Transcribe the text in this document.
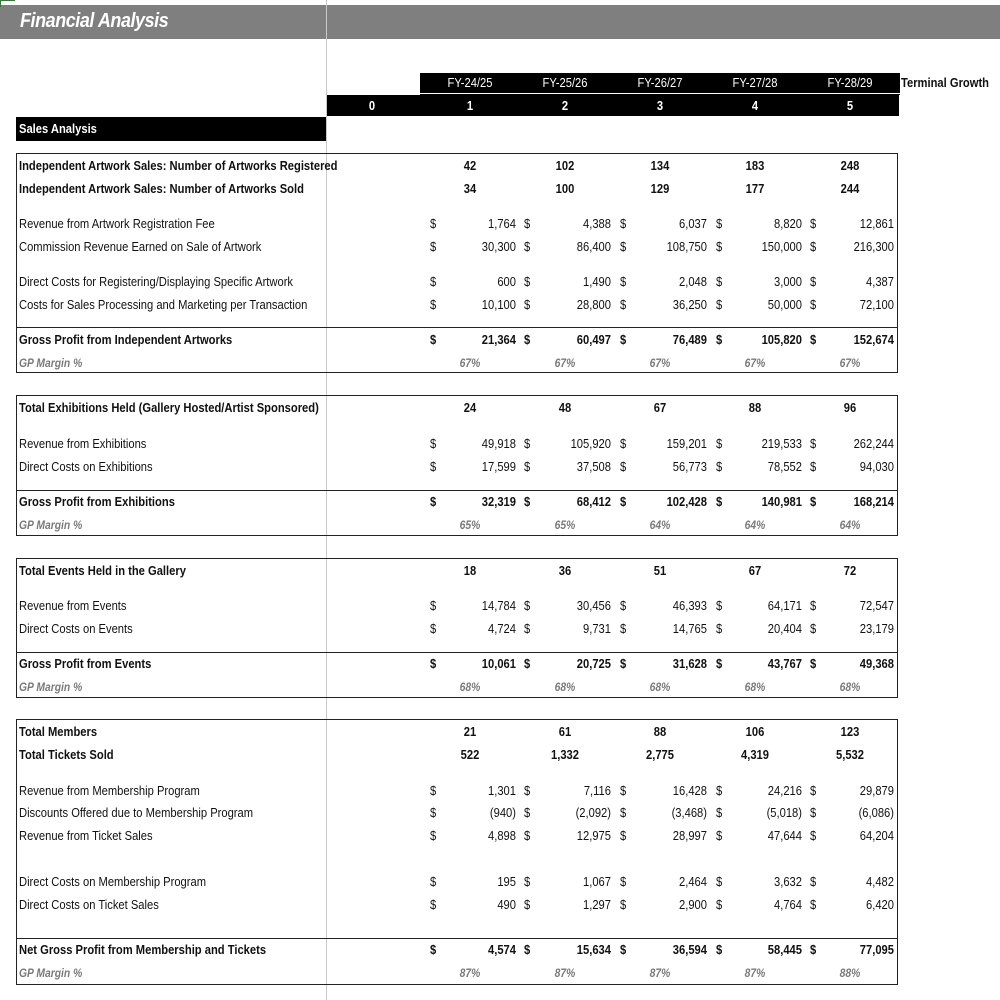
Financial Analysis
FY-24/25	FY-25/26	FY-26/27	FY-27/28	FY-28/29	Terminal Growth
0	1	2	3	4	5
Sales Analysis
Independent Artwork Sales: Number of Artworks Registered	42	102	134	183	248
Independent Artwork Sales: Number of Artworks Sold	34	100	129	177	244
Revenue from Artwork Registration Fee	$	1,764 $	4,388 $	6,037 $	8,820 $	12,861
Commission Revenue Earned on Sale of Artwork	$	30,300 $	86,400 $	108,750 $	150,000 $	216,300
Direct Costs for Registering/Displaying Specific Artwork	$	600 $	1,490 $	2,048 $	3,000 $	4,387
Costs for Sales Processing and Marketing per Transaction	$	10,100 $	28,800 $	36,250 $	50,000 $	72,100
Gross Profit from Independent Artworks	$	21,364 $	60,497 $	76,489 $	105,820 $	152,674
GP Margin %	67%	67%	67%	67%	67%
Total Exhibitions Held (Gallery Hosted/Artist Sponsored)	24	48	67	88	96
Revenue from Exhibitions	$	49,918 $	105,920 $	159,201 $	219,533 $	262,244
Direct Costs on Exhibitions	$	17,599 $	37,508 $	56,773 $	78,552 $	94,030
Gross Profit from Exhibitions	$	32,319 $	68,412 $	102,428 $	140,981 $	168,214
GP Margin %	65%	65%	64%	64%	64%
Total Events Held in the Gallery	18	36	51	67	72
Revenue from Events	$	14,784 $	30,456 $	46,393 $	64,171 $	72,547
Direct Costs on Events	$	4,724 $	9,731 $	14,765 $	20,404 $	23,179
Gross Profit from Events	$	10,061 $	20,725 $	31,628 $	43,767 $	49,368
GP Margin %	68%	68%	68%	68%	68%
Total Members	21	61	88	106	123
Total Tickets Sold	522	1,332	2,775	4,319	5,532
Revenue from Membership Program	$	1,301 $	7,116 $	16,428 $	24,216 $	29,879
Discounts Offered due to Membership Program	$	(940) $	(2,092) $	(3,468) $	(5,018) $	(6,086)
Revenue from Ticket Sales	$	4,898 $	12,975 $	28,997 $	47,644 $	64,204
Direct Costs on Membership Program	$	195 $	1,067 $	2,464 $	3,632 $	4,482
Direct Costs on Ticket Sales	$	490 $	1,297 $	2,900 $	4,764 $	6,420
Net Gross Profit from Membership and Tickets	$	4,574 $	15,634 $	36,594 $	58,445 $	77,095
GP Margin %	87%	87%	87%	87%	88%
